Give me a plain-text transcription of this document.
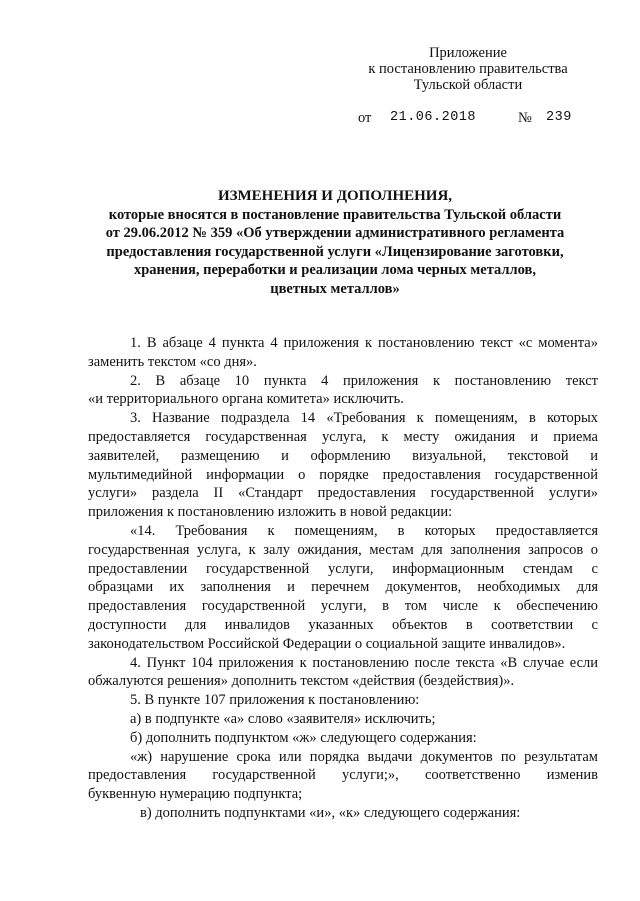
Приложение
к постановлению правительства
Тульской области
от 21.06.2018	№ 239
ИЗМЕНЕНИЯ И ДОПОЛНЕНИЯ,
которые вносятся в постановление правительства Тульской области
от 29.06.2012 № 359 «Об утверждении административного регламента
предоставления государственной услуги «Лицензирование заготовки,
хранения, переработки и реализации лома черных металлов,
цветных металлов»
1. В абзаце 4 пункта 4 приложения к постановлению текст «с момента»
заменить текстом «со дня».
2. В абзаце 10 пункта 4 приложения к постановлению текст
«и территориального органа комитета» исключить.
3. Название подраздела 14 «Требования к помещениям, в которых
предоставляется государственная услуга, к месту ожидания и приема
заявителей, размещению и оформлению визуальной, текстовой и
мультимедийной информации о порядке предоставления государственной
услуги» раздела II «Стандарт предоставления государственной услуги»
приложения к постановлению изложить в новой редакции:
«14. Требования к помещениям, в которых предоставляется
государственная услуга, к залу ожидания, местам для заполнения запросов о
предоставлении государственной услуги, информационным стендам с
образцами их заполнения и перечнем документов, необходимых для
предоставления государственной услуги, в том числе к обеспечению
доступности для инвалидов указанных объектов в соответствии с
законодательством Российской Федерации о социальной защите инвалидов».
4. Пункт 104 приложения к постановлению после текста «В случае если
обжалуются решения» дополнить текстом «действия (бездействия)».
5. В пункте 107 приложения к постановлению:
а) в подпункте «а» слово «заявителя» исключить;
б) дополнить подпунктом «ж» следующего содержания:
«ж) нарушение срока или порядка выдачи документов по результатам
предоставления государственной услуги;», соответственно изменив
буквенную нумерацию подпункта;
в) дополнить подпунктами «и», «к» следующего содержания:
